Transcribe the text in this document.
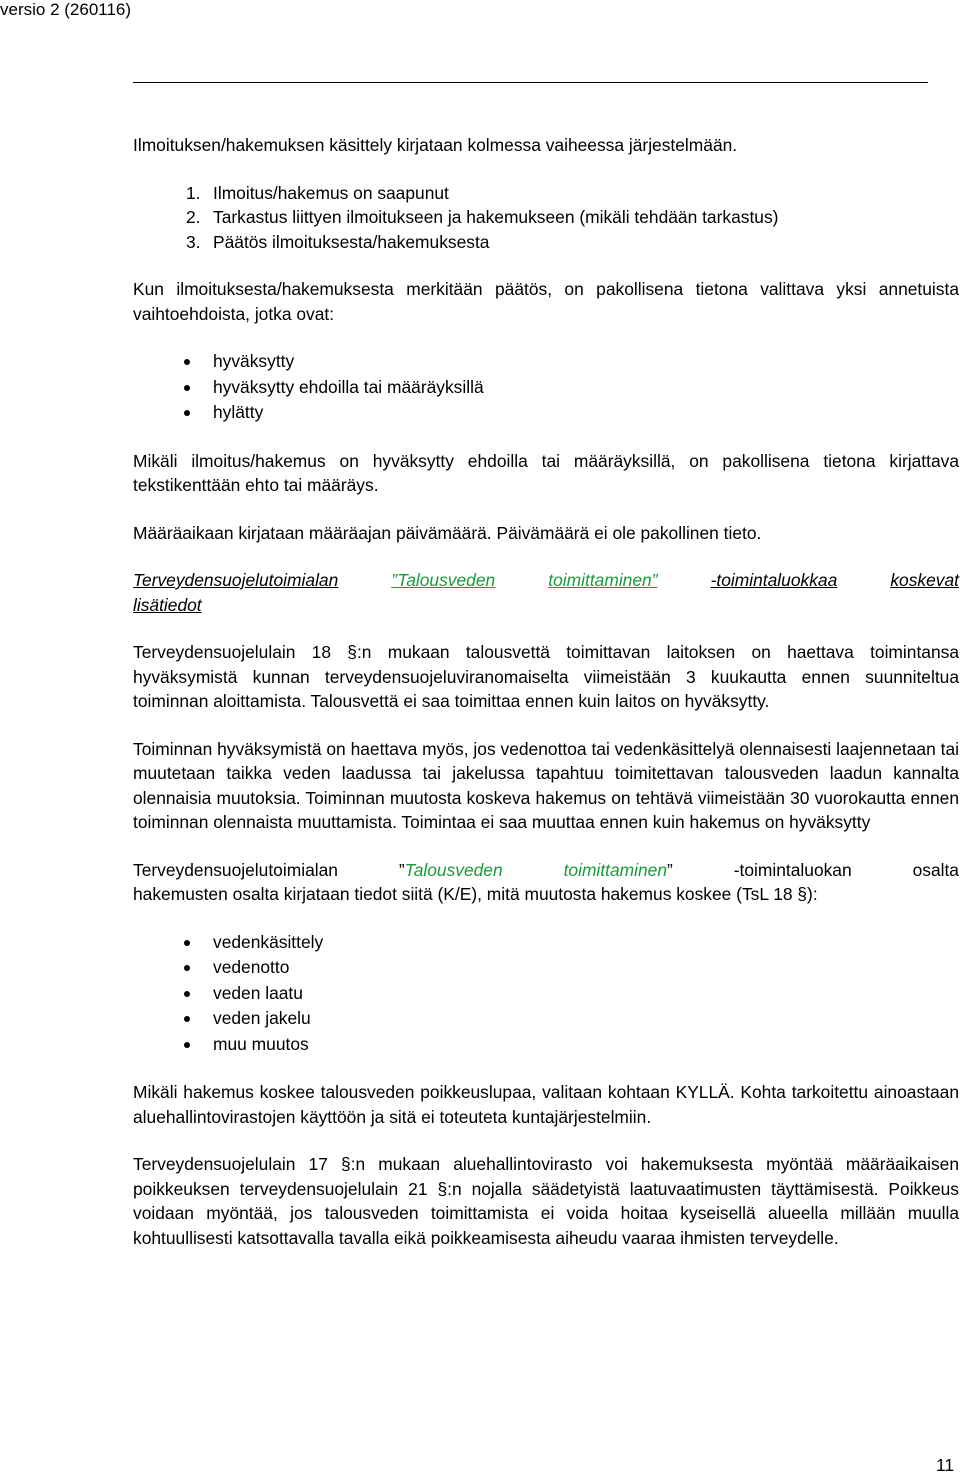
versio 2 (260116)

Ilmoituksen/hakemuksen käsittely kirjataan kolmessa vaiheessa järjestelmään.

1. Ilmoitus/hakemus on saapunut
2. Tarkastus liittyen ilmoitukseen ja hakemukseen (mikäli tehdään tarkastus)
3. Päätös ilmoituksesta/hakemuksesta

Kun ilmoituksesta/hakemuksesta merkitään päätös, on pakollisena tietona valittava yksi annetuista vaihtoehdoista, jotka ovat:

hyväksytty
hyväksytty ehdoilla tai määräyksillä
hylätty

Mikäli ilmoitus/hakemus on hyväksytty ehdoilla tai määräyksillä, on pakollisena tietona kirjattava tekstikenttään ehto tai määräys.

Määräaikaan kirjataan määräajan päivämäärä. Päivämäärä ei ole pakollinen tieto.

Terveydensuojelutoimialan	”Talousveden	toimittaminen”	-toimintaluokkaa	koskevat
lisätiedot

Terveydensuojelulain 18 §:n mukaan talousvettä toimittavan laitoksen on haettava toimintansa hyväksymistä kunnan terveydensuojeluviranomaiselta viimeistään 3 kuukautta ennen suunniteltua toiminnan aloittamista. Talousvettä ei saa toimittaa ennen kuin laitos on hyväksytty.

Toiminnan hyväksymistä on haettava myös, jos vedenottoa tai vedenkäsittelyä olennaisesti laajennetaan tai muutetaan taikka veden laadussa tai jakelussa tapahtuu toimitettavan talousveden laadun kannalta olennaisia muutoksia. Toiminnan muutosta koskeva hakemus on tehtävä viimeistään 30 vuorokautta ennen toiminnan olennaista muuttamista. Toimintaa ei saa muuttaa ennen kuin hakemus on hyväksytty

Terveydensuojelutoimialan	”Talousveden	toimittaminen”	-toimintaluokan	osalta
hakemusten osalta kirjataan tiedot siitä (K/E), mitä muutosta hakemus koskee (TsL 18 §):
vedenkäsittely
vedenotto
veden laatu
veden jakelu
muu muutos

Mikäli hakemus koskee talousveden poikkeuslupaa, valitaan kohtaan KYLLÄ. Kohta tarkoitettu ainoastaan aluehallintovirastojen käyttöön ja sitä ei toteuteta kuntajärjestelmiin.

Terveydensuojelulain 17 §:n mukaan aluehallintovirasto voi hakemuksesta myöntää määräaikaisen poikkeuksen terveydensuojelulain 21 §:n nojalla säädetyistä laatuvaatimusten täyttämisestä. Poikkeus voidaan myöntää, jos talousveden toimittamista ei voida hoitaa kyseisellä alueella millään muulla kohtuullisesti katsottavalla tavalla eikä poikkeamisesta aiheudu vaaraa ihmisten terveydelle.

11
